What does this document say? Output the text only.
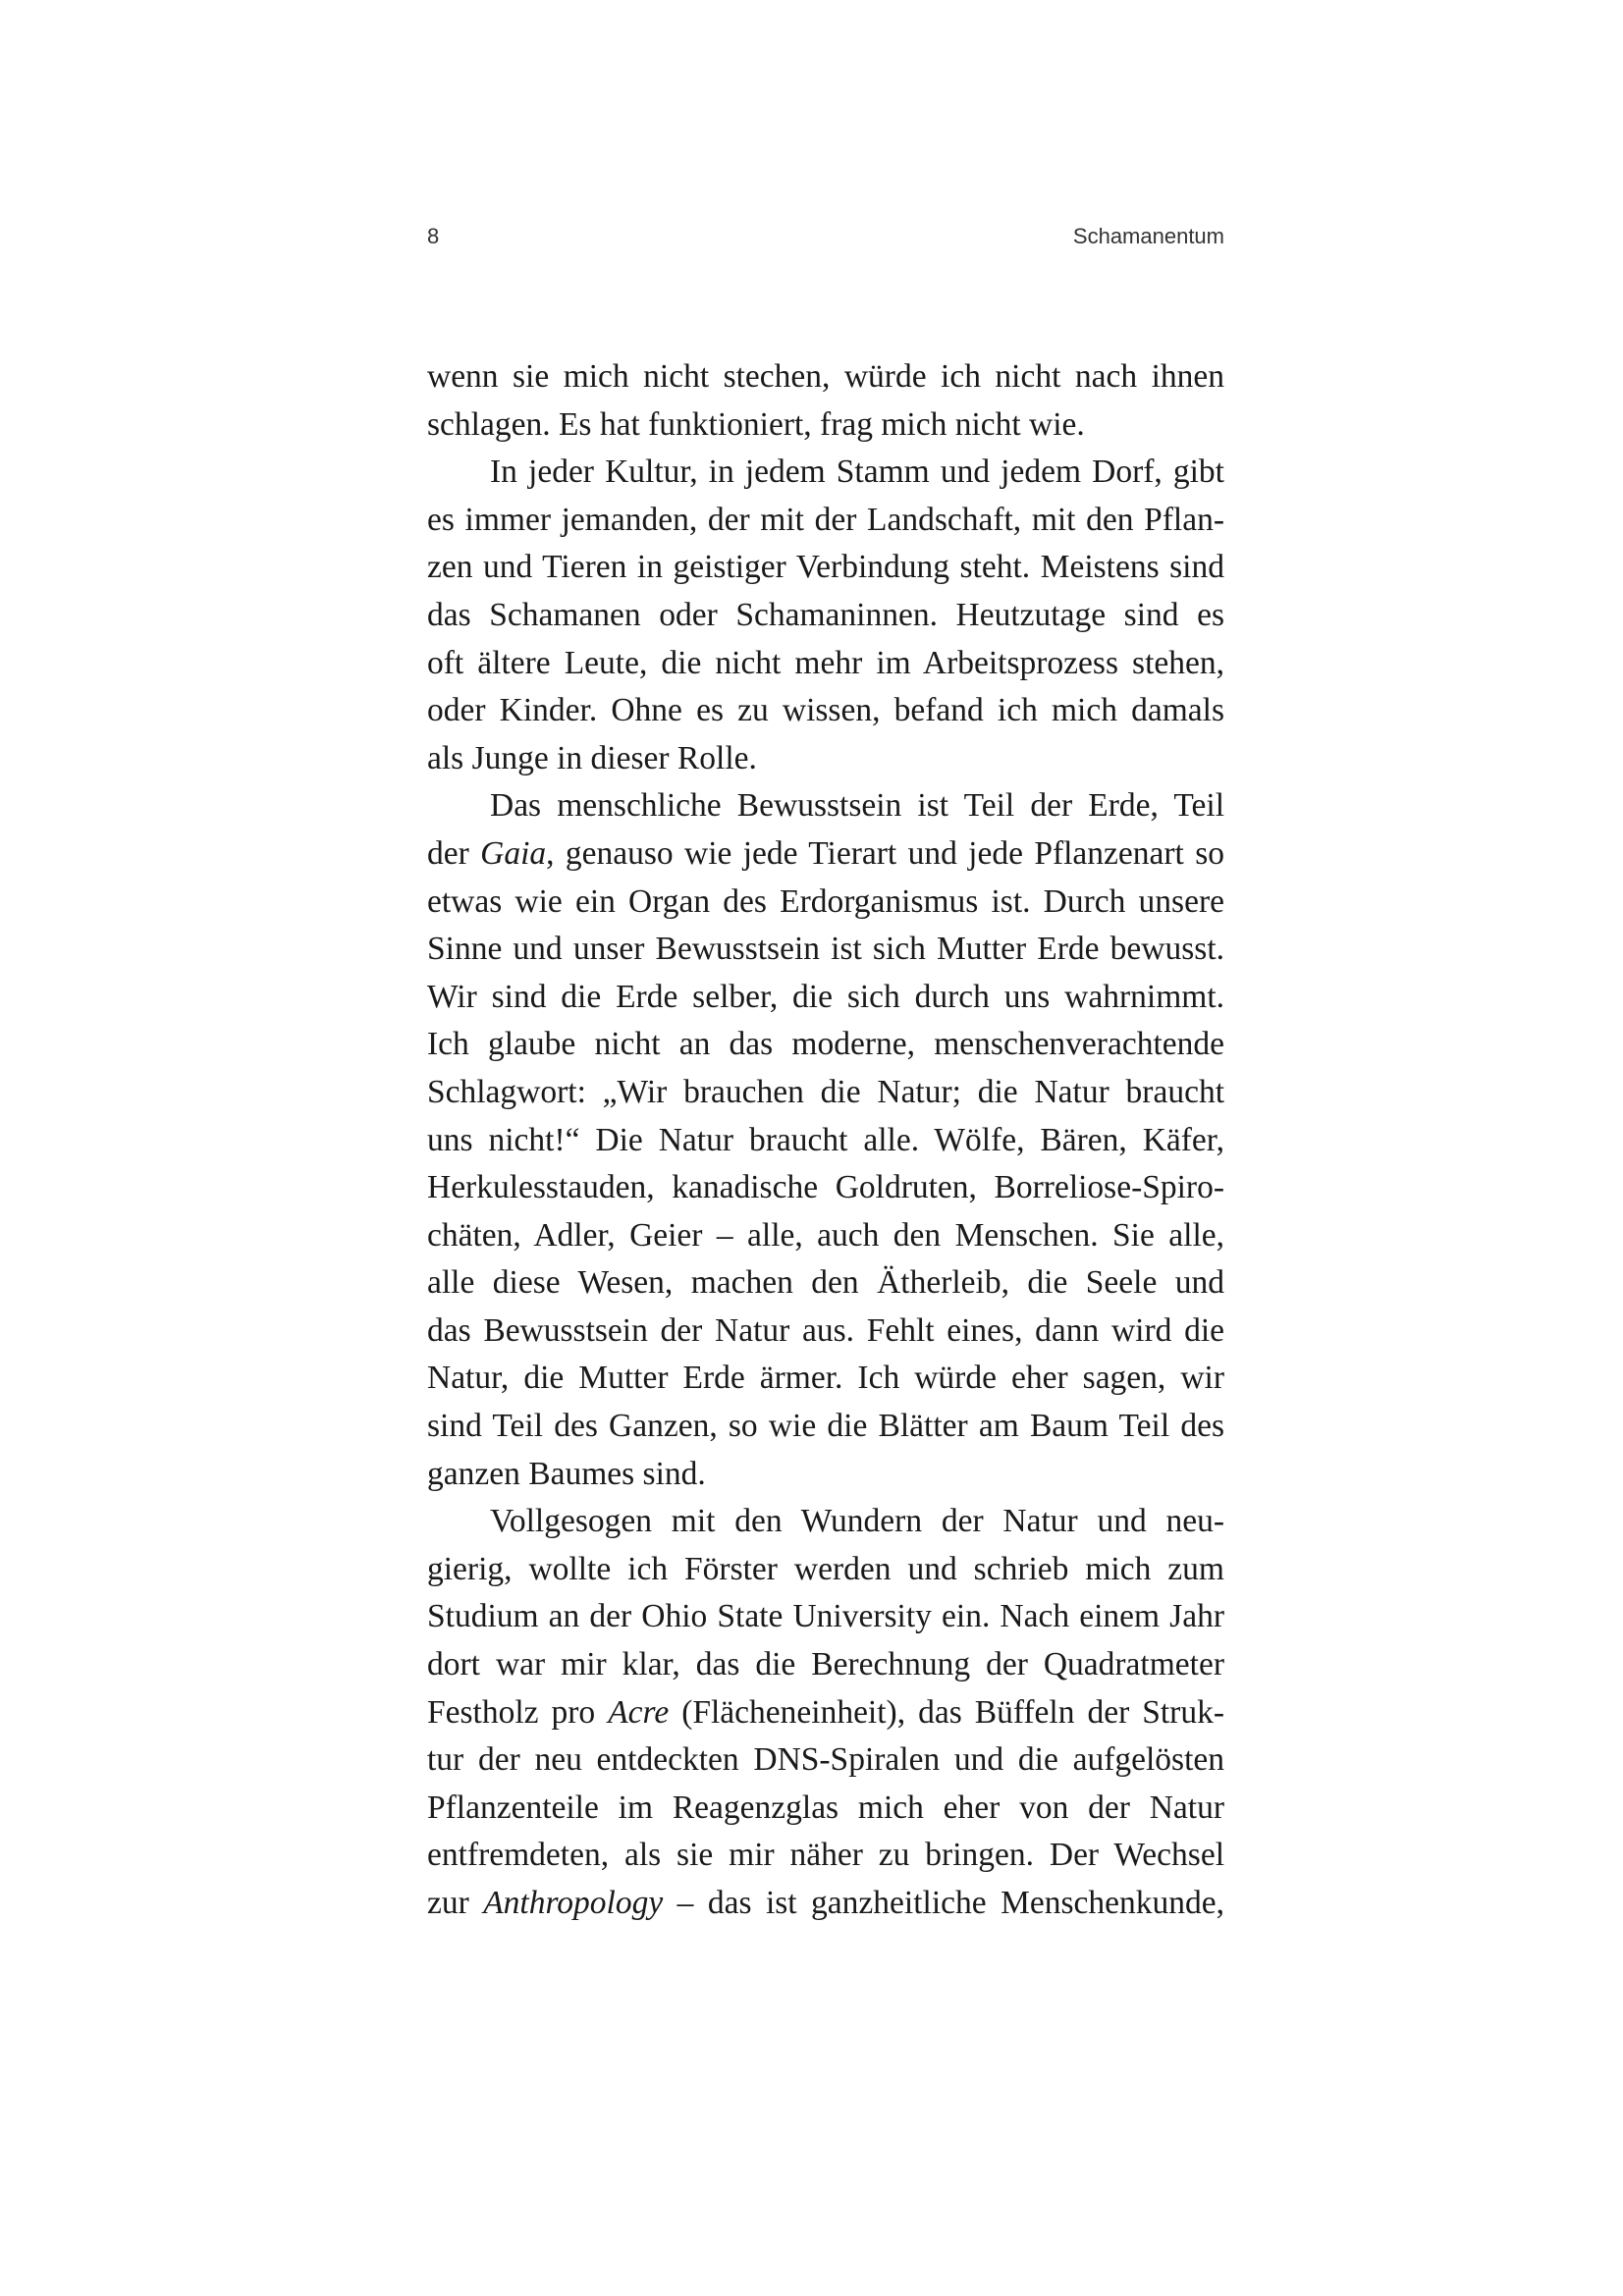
8	Schamanentum
wenn sie mich nicht stechen, würde ich nicht nach ihnen
schlagen. Es hat funktioniert, frag mich nicht wie.
In jeder Kultur, in jedem Stamm und jedem Dorf, gibt
es immer jemanden, der mit der Landschaft, mit den Pflan-
zen und Tieren in geistiger Verbindung steht. Meistens sind
das Schamanen oder Schamaninnen. Heutzutage sind es
oft ältere Leute, die nicht mehr im Arbeitsprozess stehen,
oder Kinder. Ohne es zu wissen, befand ich mich damals
als Junge in dieser Rolle.
Das menschliche Bewusstsein ist Teil der Erde, Teil
der Gaia, genauso wie jede Tierart und jede Pflanzenart so
etwas wie ein Organ des Erdorganismus ist. Durch unsere
Sinne und unser Bewusstsein ist sich Mutter Erde bewusst.
Wir sind die Erde selber, die sich durch uns wahrnimmt.
Ich glaube nicht an das moderne, menschenverachtende
Schlagwort: „Wir brauchen die Natur; die Natur braucht
uns nicht!“ Die Natur braucht alle. Wölfe, Bären, Käfer,
Herkulesstauden, kanadische Goldruten, Borreliose-Spiro-
chäten, Adler, Geier – alle, auch den Menschen. Sie alle,
alle diese Wesen, machen den Ätherleib, die Seele und
das Bewusstsein der Natur aus. Fehlt eines, dann wird die
Natur, die Mutter Erde ärmer. Ich würde eher sagen, wir
sind Teil des Ganzen, so wie die Blätter am Baum Teil des
ganzen Baumes sind.
Vollgesogen mit den Wundern der Natur und neu-
gierig, wollte ich Förster werden und schrieb mich zum
Studium an der Ohio State University ein. Nach einem Jahr
dort war mir klar, das die Berechnung der Quadratmeter
Festholz pro Acre (Flächeneinheit), das Büffeln der Struk-
tur der neu entdeckten DNS-Spiralen und die aufgelösten
Pflanzenteile im Reagenzglas mich eher von der Natur
entfremdeten, als sie mir näher zu bringen. Der Wechsel
zur Anthropology – das ist ganzheitliche Menschenkunde,
